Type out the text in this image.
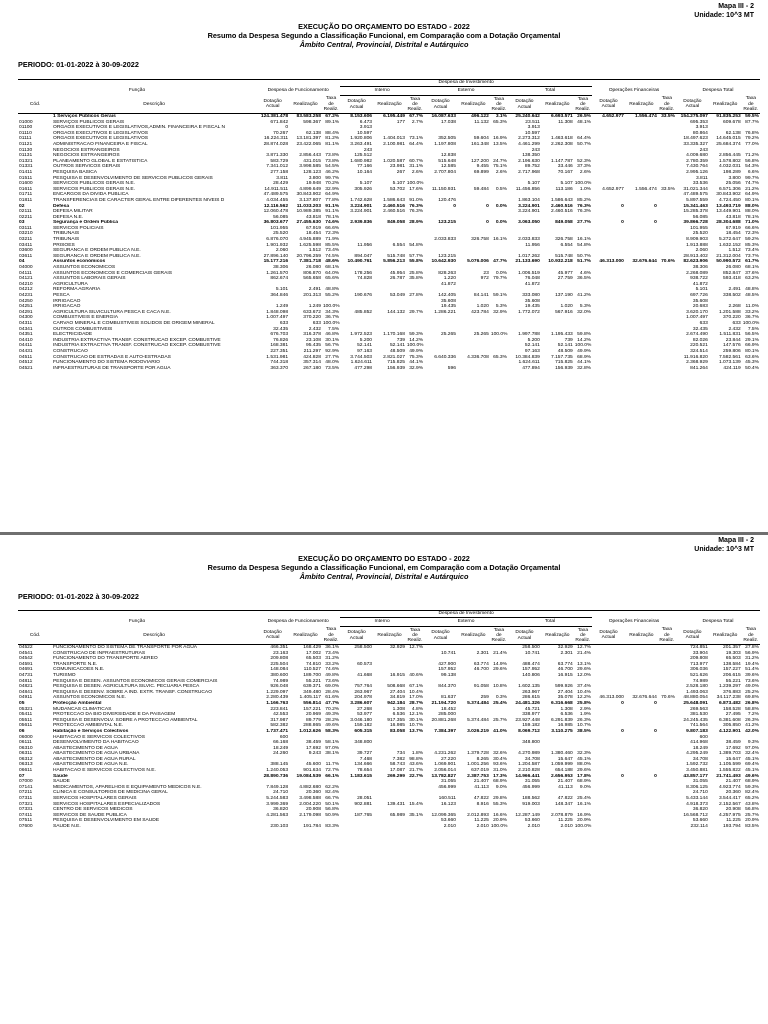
Mapa III - 2
Unidade: 10^3 MT
EXECUÇÃO DO ORÇAMENTO DO ESTADO - 2022
Resumo da Despesa Segundo a Classificação Funcional, em Comparação com a Dotação Orçamental
Âmbito Central, Provincial, Distrital e Autárquico
PERIODO: 01-01-2022 à 30-09-2022
					Despesa de Investimento														
Função		Despesa de Funcionamento			Interno			Externo			Total			Operações Financeiras			Despesa Total		
Cód.	Descrição	Dotação Actual	Realização	Taxa de Realiz.	Dotação Actual	Realização	Taxa de Realiz.	Dotação Actual	Realização	Taxa de Realiz.	Dotação Actual	Realização	Taxa de Realiz.	Dotação Actual	Realização	Taxa de Realiz.	Dotação Actual	Realização	Taxa de Realiz.
	1 Serviços Públicos Gerais	124.381.478	83.583.258	67.2%	8.153.606	6.195.449	67.7%	16.087.633	496.122	3.1%	25.240.642	6.693.571	26.5%	4.652.977	1.556.474	33.5%	154.275.097	91.835.253	59.5%
01000	SERVIÇOS PUBLICOS GERAIS	671.842	598.367	89.1%	6.473	177	2.7%	17.038	11.132	65.3%	23.511	11.308	48.1%				695.353	609.678	87.7%
01100	ORGAOS EXECUTIVOS E LEGISLATIVOS,ADMIN. FINANCEIRA E FISCAL N	0			3.913						3.913						3.913		
01110	ORGAOS EXECUTIVOS E LEGISLATIVOS	70.267	62.138	88.4%	10.597						10.597						80.864	62.138	76.8%
01111	ORGAOS EXECUTIVOS E LEGISLATIVOS	16.224.311	13.181.397	81.2%	1.920.806	1.404.013	73.1%	352.505	59.604	16.9%	2.273.312	1.463.618	64.4%				18.497.623	14.645.015	79.2%
01121	ADMINISTRACAO FINANCEIRA E FISCAL	28.874.028	23.422.065	81.1%	3.263.491	2.100.981	64.4%	1.197.808	161.348	13.5%	4.461.299	2.262.308	50.7%				33.335.327	25.684.374	77.0%
01130	NEGOCIOS ESTRANGEIROS				243						243						243		
01131	NEGOCIOS ESTRANGEIROS	3.871.330	2.856.443	73.8%	125.512			12.838			138.350						4.009.680	2.856.445	71.2%
01321	PLANEAMENTO GLOBAL E ESTATISTICA	583.729	431.015	73.8%	1.680.982	1.020.587	60.7%	515.648	127.200	24.7%	2.196.630	1.147.787	52.3%				2.780.359	1.578.802	56.8%
01331	OUTROS SERVICOS GERAIS	7.341.012	3.998.585	54.5%	77.166	23.981	31.1%	12.585	9.455	75.1%	89.752	33.446	37.3%				7.430.764	4.032.031	54.3%
01411	PESQUISA BASICA	277.158	128.123	46.2%	10.164	267	2.6%	2.707.804	69.899	2.6%	2.717.968	70.167	2.6%				2.995.126	198.289	6.6%
01511	PESQUISA E DESENVOLVIMENTO DE SERVICOS PUBLICOS GERAIS	3.811	3.800	99.7%													3.811	3.800	99.7%
01600	SERVICOS PUBLICOS GERAIS N.E.	28.429	19.948	70.2%	5.107	5.107	100.0%				5.107	5.107	100.0%				33.536	25.056	74.7%
01611	SERVICOS PUBLICOS GERAIS N.E.	14.911.511	4.899.649	32.9%	305.926	53.702	17.6%	11.150.931	59.484	0.5%	11.456.856	113.186	1.0%	4.652.977	1.556.474	33.5%	31.021.344	6.571.306	21.2%
01711	ENCARGOS DA DIVIDA PUBLICA	47.489.575	30.843.902	64.9%													47.489.575	30.843.902	64.9%
01811	TRANSFERENCIAS DE CARACTER GERAL ENTRE DIFERENTES NIVEIS D	4.034.455	3.137.807	77.8%	1.742.628	1.586.643	91.0%	120.476			1.863.104	1.586.643	85.2%				5.897.559	4.724.450	80.1%
02	Defesa	12.116.562	11.033.203	91.1%	3.224.901	2.460.516	76.3%	0	0	0.0%	3.224.901	2.460.516	76.3%	0	0		15.341.463	13.493.719	88.0%
02111	DEFESA MILITAR	12.060.478	10.989.385	91.1%	3.224.901	2.460.516	76.3%				3.224.901	2.460.516	76.3%				15.285.378	13.449.901	88.0%
02211	DEFESA N.E.	56.085	43.818	78.1%													56.085	43.818	78.1%
03	Segurança e Ordem Pública	36.803.677	27.455.630	74.6%	2.939.836	849.058	28.9%	123.215	0	0.0%	3.063.050	849.058	27.7%	0	0		39.866.728	28.304.688	71.0%
03111	SERVICOS POLICIAIS	101.955	67.919	66.6%													101.955	67.919	66.6%
03210	TRIBUNAIS	25.520	18.454	72.3%													25.520	18.454	72.3%
03211	TRIBUNAIS	6.876.070	4.945.889	71.9%				2.033.833	326.758	16.1%	2.033.833	326.758	16.1%				8.909.903	5.272.647	59.2%
03411	PRISOES	1.901.932	1.625.598	85.5%	11.956	6.554	54.8%				11.956	6.554	54.8%				1.913.888	1.632.152	85.3%
03600	SEGURANCA E ORDEM PUBLICA N.E.	2.060	1.512	73.4%													2.060	1.512	73.4%
03611	SEGURANCA E ORDEM PUBLICA N.E.	27.896.140	20.796.259	74.5%	894.047	515.748	57.7%	123.215			1.017.262	515.748	50.7%				28.913.402	21.312.004	73.7%
04	Assuntos económicos	15.177.216	7.381.718	48.6%	10.490.761	5.856.213	55.8%	10.642.930	5.076.006	47.7%	21.133.690	10.932.218	51.7%	46.313.000	32.676.644	70.6%	82.623.906	50.990.572	61.7%
04000	ASSUNTOS ECONOMICOS	38.306	26.080	68.1%													38.306	26.080	68.1%
04111	ASSUNTOS ECONOMICOS E COMERCIAIS GERAIS	1.261.570	806.870	64.0%	178.256	45.954	25.8%	828.263	23	0.0%	1.006.519	45.977	4.6%				2.268.089	852.847	37.6%
04121	ASSUNTOS LABORAIS GERAIS	862.674	565.658	65.6%	74.828	26.787	35.8%	1.220	972	79.7%	76.048	27.759	36.5%				938.722	593.418	63.2%
04210	AGRICULTURA							41.872			41.872						41.872		
04212	REFORMA AGRARIA	5.101	2.491	48.8%													5.101	2.491	48.8%
04231	PESCA	364.846	201.313	55.2%	190.676	53.049	27.8%	142.405	84.141	59.1%	333.080	137.190	41.2%				697.726	338.502	48.5%
04250	IRRIGACAO							35.608			35.608						35.608		
04251	IRRIGACAO	1.249	1.249	100.0%				19.435	1.020	5.3%	19.435	1.020	5.3%				20.683	2.268	11.0%
04291	AGRICULTURA SILVICULTURA PESCA E CACA N.E.	1.848.098	633.672	34.3%	485.852	144.132	29.7%	1.286.221	423.784	32.9%	1.772.072	567.916	32.0%				3.620.170	1.201.588	33.2%
04300	COMBUSTIVEIS E ENERGIA	1.007.497	370.220	36.7%													1.007.497	370.220	36.7%
04311	CARVAO MINERAL E COMBUSTIVEIS SOLIDOS DE ORIGEM MINERAL	633	633	100.0%													633	633	100.0%
04341	OUTROS COMBUSTIVEIS	32.435	2.432	7.5%													32.435	2.432	7.5%
04351	ELECTRICIDADE	676.703	316.378	46.8%	1.972.523	1.170.168	59.3%	25.265	25.265	100.0%	1.997.788	1.195.433	59.8%				2.674.490	1.511.831	56.5%
04410	INDUSTRIA EXTRACTIVA TRANSF. CONSTRUCAO EXCEP. COMBUSTIVE	76.826	23.108	30.1%	5.200	739	14.2%				5.200	739	14.2%				82.026	23.844	29.1%
04411	INDUSTRIA EXTRACTIVA TRANSF. CONSTRUCAO EXCEP. COMBUSTIVE	168.381	95.435	56.7%	52.141	52.141	100.0%				52.141	52.141	100.0%				220.521	147.576	66.9%
04431	CONSTRUCAO	227.351	211.297	92.9%	97.163	48.509	49.9%				97.163	48.509	49.9%				324.514	259.806	80.1%
04511	CONSTRUCAO DE ESTRADAS E AUTO-ESTRADAS	1.531.981	424.828	27.7%	3.744.503	2.821.027	75.3%	6.640.336	4.336.708	65.3%	10.384.839	7.157.735	68.9%				11.916.820	7.582.561	63.6%
04512	FUNCIONAMENTO DO SISTEMA RODOVIARIO	744.318	357.314	48.0%	1.624.611	715.825	44.1%				1.624.611	715.825	44.1%				2.368.929	1.073.139	45.3%
04521	INFRAESTRUTURAS DE TRANSPORTE POR AGUA	363.370	267.180	73.5%	477.298	156.939	32.9%	596			477.894	156.939	32.8%				841.264	424.119	50.4%
Mapa III - 2
Unidade: 10^3 MT
EXECUÇÃO DO ORÇAMENTO DO ESTADO - 2022
Resumo da Despesa Segundo a Classificação Funcional, em Comparação com a Dotação Orçamental
Âmbito Central, Provincial, Distrital e Autárquico
PERIODO: 01-01-2022 à 30-09-2022
					Despesa de Investimento														
Função		Despesa de Funcionamento			Interno			Externo			Total			Operações Financeiras			Despesa Total		
Cód.	Descrição	Dotação Actual	Realização	Taxa de Realiz.	Dotação Actual	Realização	Taxa de Realiz.	Dotação Actual	Realização	Taxa de Realiz.	Dotação Actual	Realização	Taxa de Realiz.	Dotação Actual	Realização	Taxa de Realiz.	Dotação Actual	Realização	Taxa de Realiz.
04522	FUNCIONAMENTO DO SISTEMA DE TRANSPORTE POR AGUA	466.351	168.429	36.1%	258.500	32.929	12.7%				258.500	32.929	12.7%				724.851	201.357	27.8%
04541	CONSTRUCAO DE INFRAESTRUTURAS	23.163	17.002	73.4%				10.741	2.301	21.4%	10.741	2.301	21.4%				33.904	19.303	56.9%
04542	FUNCIONAMENTO DO TRANSPORTE AEREO	209.808	65.503	31.2%													209.808	65.503	31.2%
04591	TRANSPORTE N.E.	225.504	74.810	33.2%	60.573			427.900	63.774	14.9%	488.474	63.774	13.1%				713.977	138.584	19.4%
04691	COMUNICACOES N.E.	148.084	110.527	74.6%				157.952	46.700	29.6%	157.952	46.700	29.6%				306.036	157.227	51.4%
04731	TURISMO	380.600	189.700	49.8%	41.668	16.915	40.6%	99.138			140.806	16.915	12.0%				521.626	206.615	39.6%
04811	PESQUISA E DESEN. ASSUNTOS ECONOMICOS GERAIS COMERCIAIS	74.989	55.221	73.6%													74.989	55.221	73.6%
04821	PESQUISA E DESEN. AGRICULTURA SILVIC. PECUARIA PESCA	926.048	639.371	69.0%	757.764	508.668	67.1%	844.370	91.058	10.8%	1.602.135	599.926	37.4%				2.528.180	1.239.297	49.0%
04841	PESQUISA E DESENV. SOBRE A IND. EXTR. TRANSF. CONSTRUCAO	1.229.097	349.480	28.4%	263.967	27.404	10.4%				263.967	27.404	10.4%				1.493.063	376.883	25.2%
04911	ASSUNTOS ECONOMICOS N.E.	2.280.439	1.405.117	61.6%	204.978	34.819	17.0%	81.637	259	0.3%	286.615	35.078	12.2%	46.313.000	32.676.644	70.6%	48.880.054	34.117.238	69.8%
05	Protecção Ambiental	1.166.763	556.814	47.7%	3.286.607	942.184	28.7%	21.194.720	5.374.484	25.4%	24.481.326	6.316.668	25.8%	0	0		25.648.091	6.873.482	26.8%
05321	MUDANCAS CLIMATICAS	223.841	157.221	70.2%	27.268	1.308	4.8%	18.452			45.721	1.308	2.9%				269.563	158.528	58.8%
05411	PROTECCAO DA BIO DIVERSIDADE E DA PAISAGEM	42.553	20.969	49.3%	53.977	6.536	12.1%	285.000			338.977	6.536	1.9%				381.530	27.495	7.2%
05511	PESQUISA E DESENVOLV. SOBRE A PROTECCAO AMBIENTAL	317.987	89.779	28.2%	3.046.180	917.355	30.1%	20.881.268	5.374.484	25.7%	23.927.448	6.291.839	26.3%				24.245.435	6.381.608	26.3%
05611	PROTECCAO AMBIENTAL N.E.	582.382	288.865	49.6%	159.182	16.985	10.7%				159.182	16.985	10.7%				741.564	305.850	41.2%
06	Habitação e Serviços Colectivos	1.737.471	1.012.626	58.3%	605.315	83.058	13.7%	7.384.397	3.026.219	41.0%	8.069.712	3.110.275	38.5%	0	0		9.807.183	4.122.901	42.0%
06000	HABITACAO E SERVICOS COLECTIVOS	600															600		
06111	DESENVOLVIMENTO DA HABITACAO	66.168	38.459	58.1%	348.800						348.800						414.968	38.459	9.3%
06310	ABASTECIMENTO DE AGUA	18.249	17.692	97.0%													18.249	17.692	97.0%
06311	ABASTECIMENTO DE AGUA URBANA	24.260	9.243	38.1%	39.727	734	1.8%	4.231.262	1.379.728	32.6%	4.270.989	1.380.460	32.3%				4.295.249	1.389.703	32.4%
06312	ABASTECIMENTO DE AGUA RURAL				7.468	7.382	98.8%	27.220	8.265	30.4%	34.708	15.647	45.1%				34.708	15.647	45.1%
06313	ABASTECIMENTO DE AGUA N.E.	388.145	45.600	11.7%	134.666	58.743	43.6%	1.069.901	1.001.256	93.6%	1.204.587	1.059.999	88.0%				1.592.732	1.105.599	69.4%
06611	HABITACAO E SERVICOS COLECTIVOS N.E.	1.240.053	901.634	72.7%	78.654	17.087	21.7%	2.056.014	637.019	31.0%	2.210.828	654.188	29.6%				3.450.881	1.555.822	45.1%
07	Saúde	28.890.736	19.084.539	66.1%	1.183.615	269.299	22.7%	13.782.827	2.387.753	17.3%	14.966.441	2.656.953	17.8%	0	0		43.857.177	21.741.493	49.6%
07000	SAUDE							31.055	21.407	68.9%	31.055	21.407	68.9%				31.055	21.407	68.9%
07141	MEDICAMENTOS, APARELHOS E EQUIPAMENTO MEDICOS N.E.	7.849.128	4.882.680	62.2%				456.999	41.113	9.0%	456.999	41.113	9.0%				8.306.125	4.923.774	59.3%
07211	CLINICA E CONSULTORIOS DE MEDICINA GERAL	24.710	20.360	82.4%													24.710	20.360	82.4%
07311	SERVICOS HOSPITALARES GERAIS	5.244.583	3.498.588	66.7%	28.051			160.511	47.822	29.8%	188.562	47.822	25.4%				5.433.144	3.544.417	65.2%
07321	SERVICOS HOSPITALARES ESPECIALIZADOS	3.999.369	2.004.220	50.1%	902.881	139.431	15.4%	16.123	8.916	55.3%	919.003	148.347	16.1%				4.918.373	2.152.567	43.8%
07331	CENTRO DE SERVICOS MEDICOS	36.820	20.908	56.8%													36.820	20.908	56.8%
07411	SERVICOS DE SAUDE PUBLICA	4.281.563	2.179.098	50.9%	187.765	65.989	35.1%	12.099.365	2.012.893	16.6%	12.287.149	2.078.879	16.9%				16.568.712	4.257.975	25.7%
07511	PESQUISA E DESENVOLVIMENTO EM SAUDE							53.660	11.225	20.9%	53.660	11.225	20.9%				53.660	11.225	20.9%
07600	SAUDE N.E.	230.103	191.784	83.3%				2.010	2.010	100.0%	2.010	2.010	100.0%				232.114	193.794	83.5%
